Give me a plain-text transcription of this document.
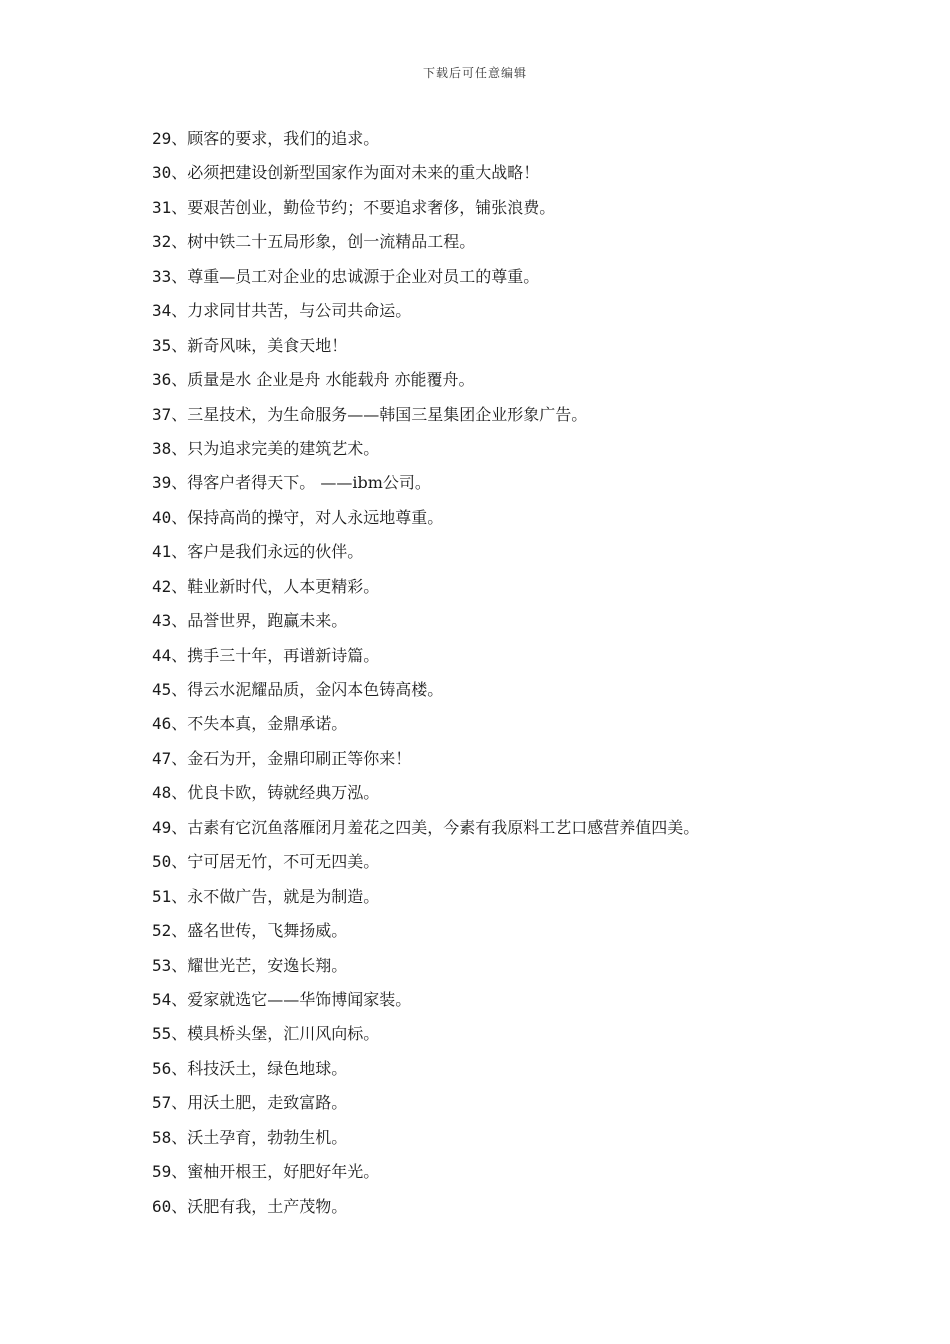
下载后可任意编辑
29 、顾客的要求，我们的追求。
30 、必须把建设创新型国家作为面对未来的重大战略！
31 、要艰苦创业，勤俭节约；不要追求奢侈，铺张浪费。
32 、树中铁二十五局形象，创一流精品工程。
33 、尊重—员工对企业的忠诚源于企业对员工的尊重。
34 、力求同甘共苦，与公司共命运。
35 、新奇风味，美食天地！
36 、质量是水 企业是舟 水能载舟 亦能覆舟。
37 、三星技术，为生命服务——韩国三星集团企业形象广告。
38 、只为追求完美的建筑艺术。
39 、得客户者得天下。 ——ibm公司。
40 、保持高尚的操守，对人永远地尊重。
41 、客户是我们永远的伙伴。
42 、鞋业新时代，人本更精彩。
43 、品誉世界，跑赢未来。
44 、携手三十年，再谱新诗篇。
45 、得云水泥耀品质，金闪本色铸高楼。
46 、不失本真，金鼎承诺。
47 、金石为开，金鼎印刷正等你来！
48 、优良卡欧，铸就经典万泓。
49 、古素有它沉鱼落雁闭月羞花之四美，今素有我原料工艺口感营养值四美。
50 、宁可居无竹，不可无四美。
51 、永不做广告，就是为制造。
52 、盛名世传，飞舞扬威。
53 、耀世光芒，安逸长翔。
54 、爱家就选它——华饰博闻家装。
55 、模具桥头堡，汇川风向标。
56 、科技沃土，绿色地球。
57 、用沃土肥，走致富路。
58 、沃土孕育，勃勃生机。
59 、蜜柚开根王，好肥好年光。
60 、沃肥有我，土产茂物。
